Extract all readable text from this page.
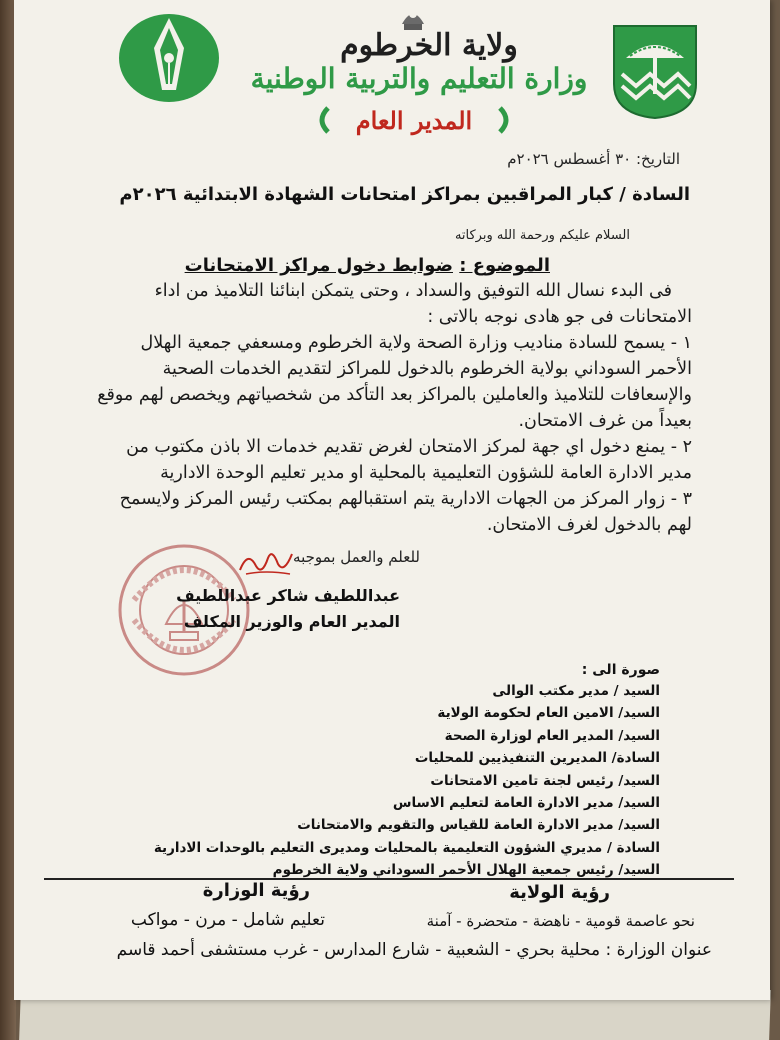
ولاية الخرطوم
وزارة التعليم والتربية الوطنية
المدير العام
التاريخ: ٣٠ أغسطس ٢٠٢٦م
السادة / كبار المراقبين بمراكز امتحانات الشهادة الابتدائية ٢٠٢٦م
السلام عليكم ورحمة الله وبركاته
الموضوع : ضوابط دخول مراكز الامتحانات

فى البدء نسال الله التوفيق والسداد ، وحتى يتمكن ابنائنا التلاميذ من اداء الامتحانات فى جو هادى نوجه بالاتى :

١ - يسمح للسادة مناديب وزارة الصحة ولاية الخرطوم ومسعفي جمعية الهلال الأحمر السوداني بولاية الخرطوم بالدخول للمراكز لتقديم الخدمات الصحية والإسعافات للتلاميذ والعاملين بالمراكز بعد التأكد من شخصياتهم ويخصص لهم موقع بعيداً من غرف الامتحان.

٢ - يمنع دخول اي جهة لمركز الامتحان لغرض تقديم خدمات الا باذن مكتوب من مدير الادارة العامة للشؤون التعليمية بالمحلية او مدير تعليم الوحدة الادارية

٣ - زوار المركز من الجهات الادارية يتم استقبالهم بمكتب رئيس المركز ولايسمح لهم بالدخول لغرف الامتحان.

للعلم والعمل بموجبه
عبداللطيف شاكر عبداللطيف
المدير العام والوزير المكلف
صورة الى :
السيد / مدير مكتب الوالى
السيد/ الامين العام لحكومة الولاية
السيد/ المدير العام لوزارة الصحة
السادة/ المديرين التنفيذيين للمحليات
السيد/ رئيس لجنة تامين الامتحانات
السيد/ مدير الادارة العامة لتعليم الاساس
السيد/ مدير الادارة العامة للقياس والتقويم والامتحانات
السادة / مديري الشؤون التعليمية بالمحليات ومديرى التعليم بالوحدات الادارية
السيد/ رئيس جمعية الهلال الأحمر السوداني ولاية الخرطوم
رؤية الولاية
رؤية الوزارة
نحو عاصمة قومية - ناهضة - متحضرة - آمنة
تعليم شامل - مرن - مواكب
عنوان الوزارة : محلية بحري - الشعبية - شارع المدارس - غرب مستشفى أحمد قاسم
